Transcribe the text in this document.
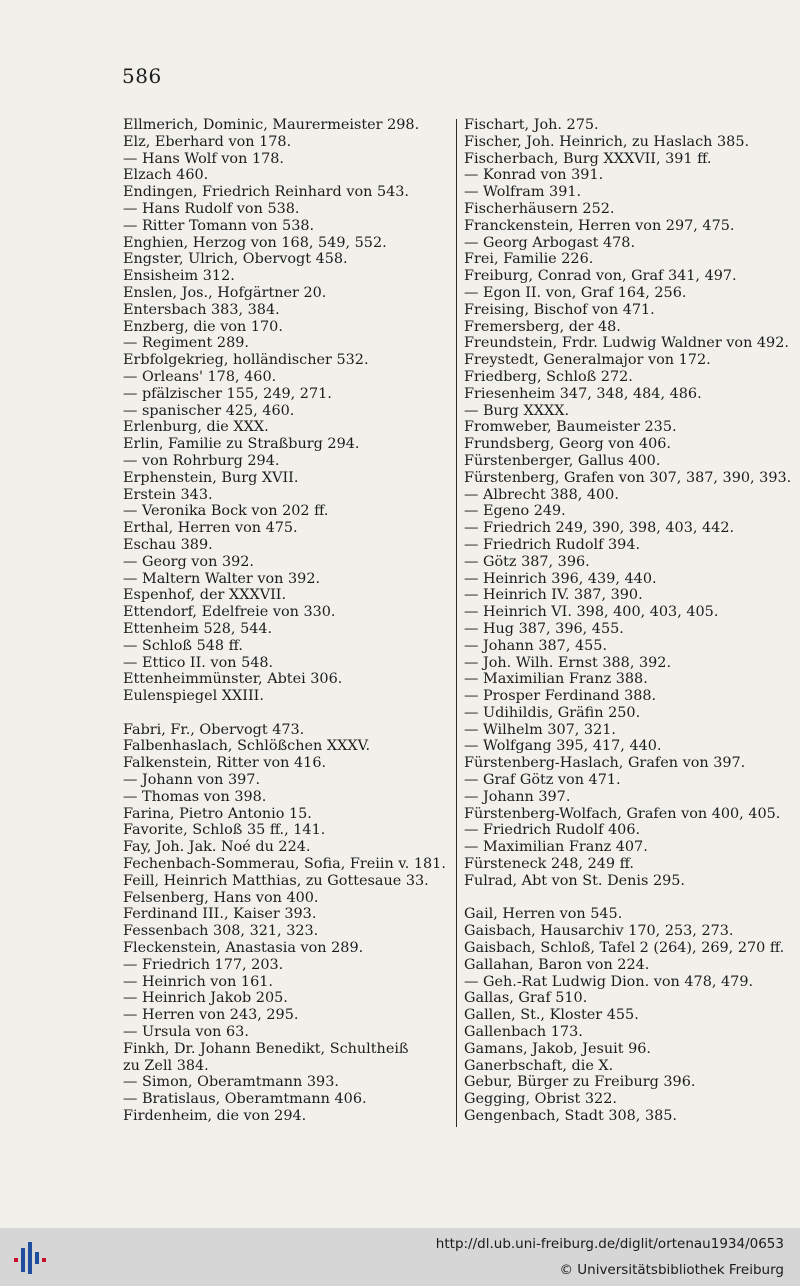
586
Ellmerich, Dominic, Maurermeister 298.
Elz, Eberhard von 178.
— Hans Wolf von 178.
Elzach 460.
Endingen, Friedrich Reinhard von 543.
— Hans Rudolf von 538.
— Ritter Tomann von 538.
Enghien, Herzog von 168, 549, 552.
Engster, Ulrich, Obervogt 458.
Ensisheim 312.
Enslen, Jos., Hofgärtner 20.
Entersbach 383, 384.
Enzberg, die von 170.
— Regiment 289.
Erbfolgekrieg, holländischer 532.
— Orleans' 178, 460.
— pfälzischer 155, 249, 271.
— spanischer 425, 460.
Erlenburg, die XXX.
Erlin, Familie zu Straßburg 294.
— von Rohrburg 294.
Erphenstein, Burg XVII.
Erstein 343.
— Veronika Bock von 202 ff.
Erthal, Herren von 475.
Eschau 389.
— Georg von 392.
— Maltern Walter von 392.
Espenhof, der XXXVII.
Ettendorf, Edelfreie von 330.
Ettenheim 528, 544.
— Schloß 548 ff.
— Ettico II. von 548.
Ettenheimmünster, Abtei 306.
Eulenspiegel XXIII.
Fabri, Fr., Obervogt 473.
Falbenhaslach, Schlößchen XXXV.
Falkenstein, Ritter von 416.
— Johann von 397.
— Thomas von 398.
Farina, Pietro Antonio 15.
Favorite, Schloß 35 ff., 141.
Fay, Joh. Jak. Noé du 224.
Fechenbach-Sommerau, Sofia, Freiin v. 181.
Feill, Heinrich Matthias, zu Gottesaue 33.
Felsenberg, Hans von 400.
Ferdinand III., Kaiser 393.
Fessenbach 308, 321, 323.
Fleckenstein, Anastasia von 289.
— Friedrich 177, 203.
— Heinrich von 161.
— Heinrich Jakob 205.
— Herren von 243, 295.
— Ursula von 63.
Finkh, Dr. Johann Benedikt, Schultheiß
zu Zell 384.
— Simon, Oberamtmann 393.
— Bratislaus, Oberamtmann 406.
Firdenheim, die von 294.
Fischart, Joh. 275.
Fischer, Joh. Heinrich, zu Haslach 385.
Fischerbach, Burg XXXVII, 391 ff.
— Konrad von 391.
— Wolfram 391.
Fischerhäusern 252.
Franckenstein, Herren von 297, 475.
— Georg Arbogast 478.
Frei, Familie 226.
Freiburg, Conrad von, Graf 341, 497.
— Egon II. von, Graf 164, 256.
Freising, Bischof von 471.
Fremersberg, der 48.
Freundstein, Frdr. Ludwig Waldner von 492.
Freystedt, Generalmajor von 172.
Friedberg, Schloß 272.
Friesenheim 347, 348, 484, 486.
— Burg XXXX.
Fromweber, Baumeister 235.
Frundsberg, Georg von 406.
Fürstenberger, Gallus 400.
Fürstenberg, Grafen von 307, 387, 390, 393.
— Albrecht 388, 400.
— Egeno 249.
— Friedrich 249, 390, 398, 403, 442.
— Friedrich Rudolf 394.
— Götz 387, 396.
— Heinrich 396, 439, 440.
— Heinrich IV. 387, 390.
— Heinrich VI. 398, 400, 403, 405.
— Hug 387, 396, 455.
— Johann 387, 455.
— Joh. Wilh. Ernst 388, 392.
— Maximilian Franz 388.
— Prosper Ferdinand 388.
— Udihildis, Gräfin 250.
— Wilhelm 307, 321.
— Wolfgang 395, 417, 440.
Fürstenberg-Haslach, Grafen von 397.
— Graf Götz von 471.
— Johann 397.
Fürstenberg-Wolfach, Grafen von 400, 405.
— Friedrich Rudolf 406.
— Maximilian Franz 407.
Fürsteneck 248, 249 ff.
Fulrad, Abt von St. Denis 295.
Gail, Herren von 545.
Gaisbach, Hausarchiv 170, 253, 273.
Gaisbach, Schloß, Tafel 2 (264), 269, 270 ff.
Gallahan, Baron von 224.
— Geh.-Rat Ludwig Dion. von 478, 479.
Gallas, Graf 510.
Gallen, St., Kloster 455.
Gallenbach 173.
Gamans, Jakob, Jesuit 96.
Ganerbschaft, die X.
Gebur, Bürger zu Freiburg 396.
Gegging, Obrist 322.
Gengenbach, Stadt 308, 385.
http://dl.ub.uni-freiburg.de/diglit/ortenau1934/0653
© Universitätsbibliothek Freiburg
